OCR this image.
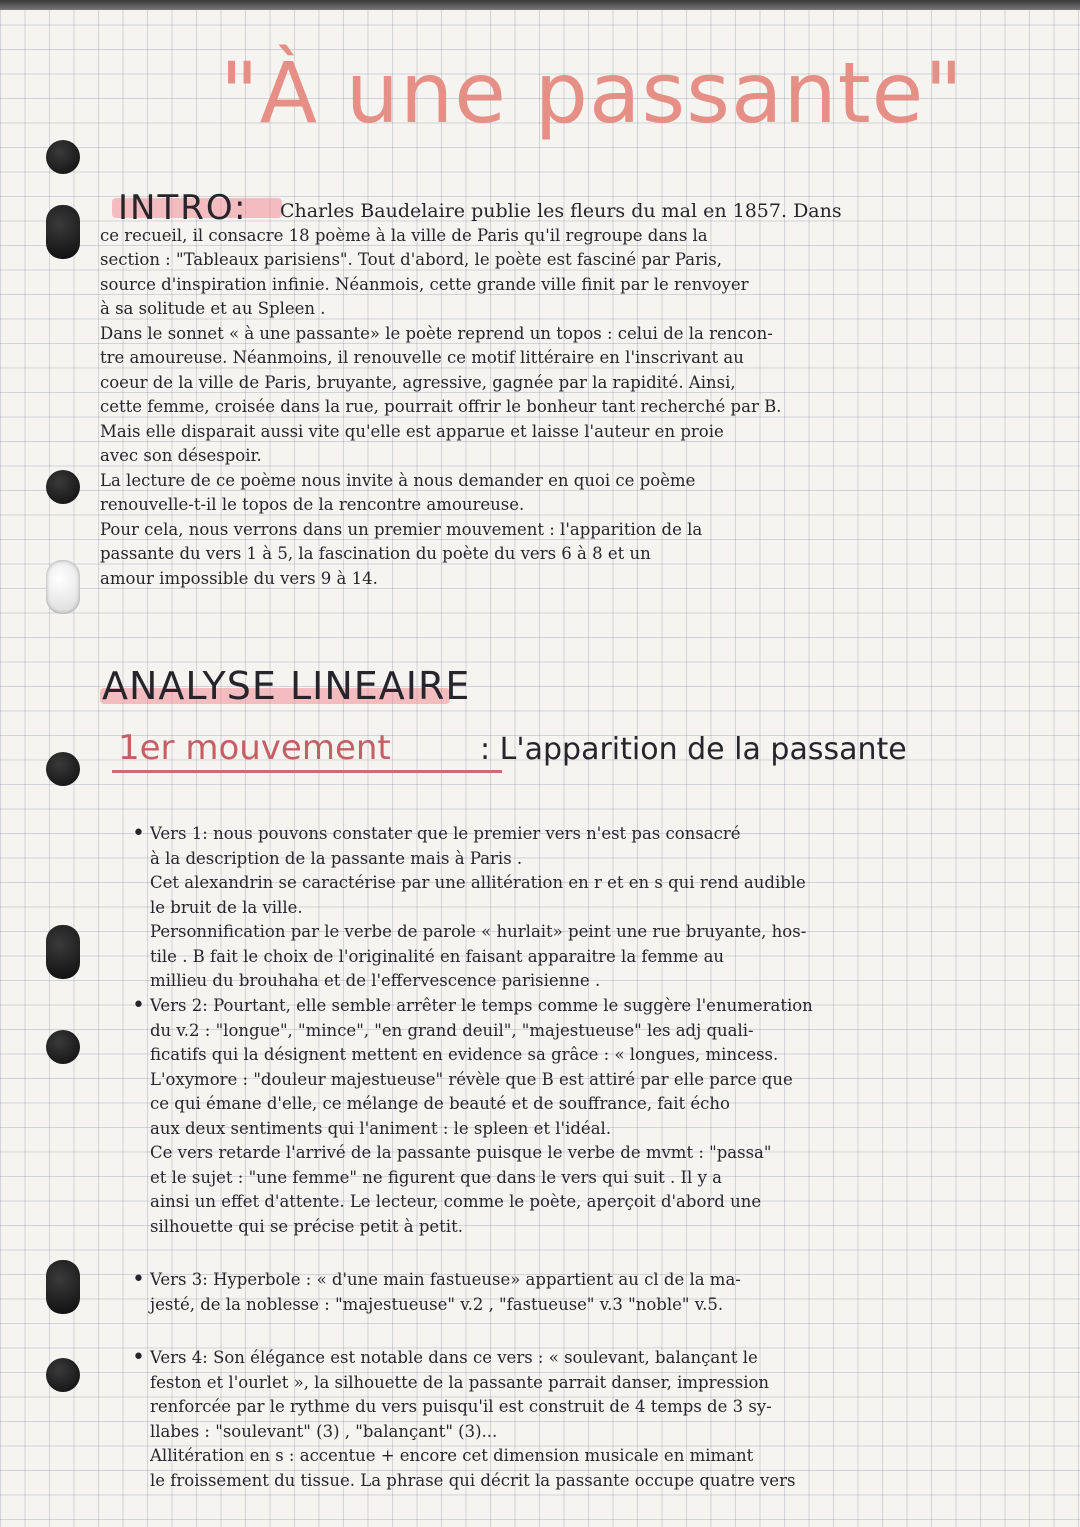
"À une passante"
INTRO:	Charles Baudelaire publie les fleurs du mal en 1857. Dans
ce recueil, il consacre 18 poème à la ville de Paris qu'il regroupe dans la
section : "Tableaux parisiens". Tout d'abord, le poète est fasciné par Paris,
source d'inspiration infinie. Néanmois, cette grande ville finit par le renvoyer
à sa solitude et au Spleen .
Dans le sonnet « à une passante» le poète reprend un topos : celui de la rencon-
tre amoureuse. Néanmoins, il renouvelle ce motif littéraire en l'inscrivant au
coeur de la ville de Paris, bruyante, agressive, gagnée par la rapidité. Ainsi,
cette femme, croisée dans la rue, pourrait offrir le bonheur tant recherché par B.
Mais elle disparait aussi vite qu'elle est apparue et laisse l'auteur en proie
avec son désespoir.
La lecture de ce poème nous invite à nous demander en quoi ce poème
renouvelle-t-il le topos de la rencontre amoureuse.
Pour cela, nous verrons dans un premier mouvement : l'apparition de la
passante du vers 1 à 5, la fascination du poète du vers 6 à 8 et un
amour impossible du vers 9 à 14.
ANALYSE LINEAIRE
1er mouvement	: L'apparition de la passante
• Vers 1: nous pouvons constater que le premier vers n'est pas consacré
à la description de la passante mais à Paris .
Cet alexandrin se caractérise par une allitération en r et en s qui rend audible
le bruit de la ville.
Personnification par le verbe de parole « hurlait» peint une rue bruyante, hos-
tile . B fait le choix de l'originalité en faisant apparaitre la femme au
millieu du brouhaha et de l'effervescence parisienne .
• Vers 2: Pourtant, elle semble arrêter le temps comme le suggère l'enumeration
du v.2 : "longue", "mince", "en grand deuil", "majestueuse" les adj quali-
ficatifs qui la désignent mettent en evidence sa grâce : « longues, mincess.
L'oxymore : "douleur majestueuse" révèle que B est attiré par elle parce que
ce qui émane d'elle, ce mélange de beauté et de souffrance, fait écho
aux deux sentiments qui l'animent : le spleen et l'idéal.
Ce vers retarde l'arrivé de la passante puisque le verbe de mvmt : "passa"
et le sujet : "une femme" ne figurent que dans le vers qui suit . Il y a
ainsi un effet d'attente. Le lecteur, comme le poète, aperçoit d'abord une
silhouette qui se précise petit à petit.
• Vers 3: Hyperbole : « d'une main fastueuse» appartient au cl de la ma-
jesté, de la noblesse : "majestueuse" v.2 , "fastueuse" v.3 "noble" v.5.
• Vers 4: Son élégance est notable dans ce vers : « soulevant, balançant le
feston et l'ourlet », la silhouette de la passante parrait danser, impression
renforcée par le rythme du vers puisqu'il est construit de 4 temps de 3 sy-
llabes : "soulevant" (3) , "balançant" (3)...
Allitération en s : accentue + encore cet dimension musicale en mimant
le froissement du tissue. La phrase qui décrit la passante occupe quatre vers
